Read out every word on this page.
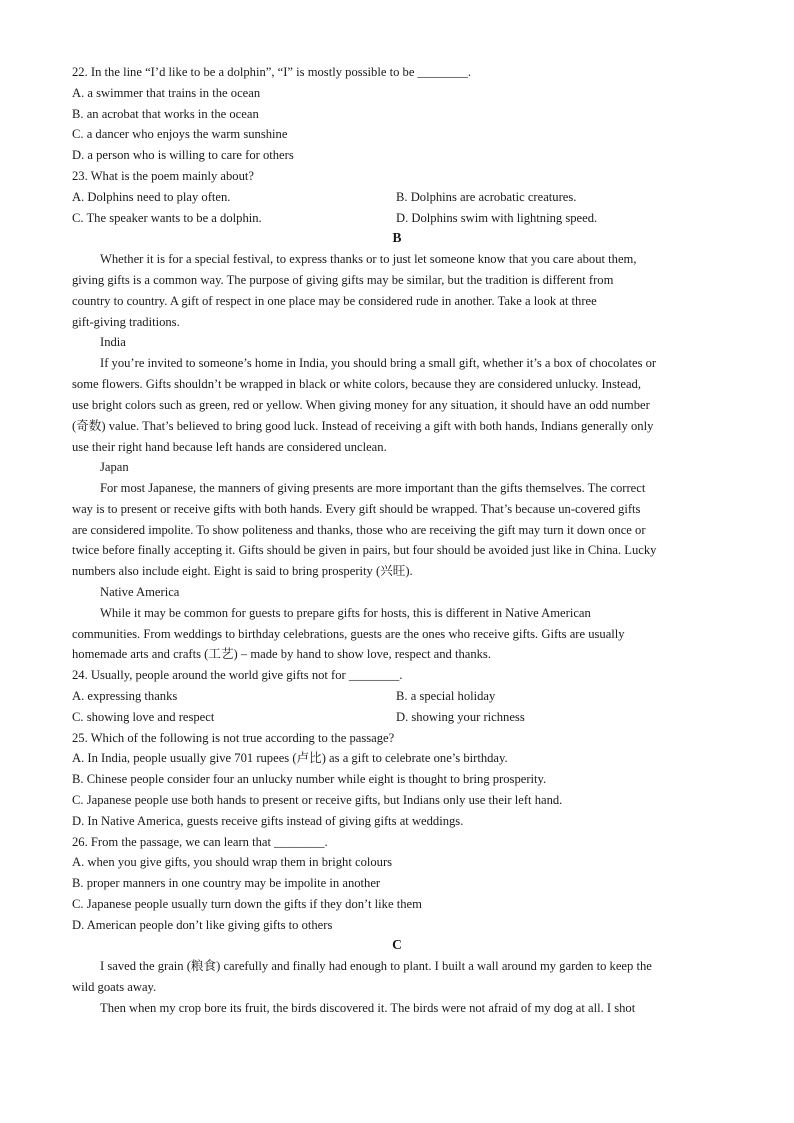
22. In the line “I’d like to be a dolphin”, “I” is mostly possible to be ________.
A. a swimmer that trains in the ocean
B. an acrobat that works in the ocean
C. a dancer who enjoys the warm sunshine
D. a person who is willing to care for others
23. What is the poem mainly about?
A. Dolphins need to play often.	B. Dolphins are acrobatic creatures.
C. The speaker wants to be a dolphin.	D. Dolphins swim with lightning speed.
B
Whether it is for a special festival, to express thanks or to just let someone know that you care about them,
giving gifts is a common way. The purpose of giving gifts may be similar, but the tradition is different from
country to country. A gift of respect in one place may be considered rude in another. Take a look at three
gift-giving traditions.
India
If you’re invited to someone’s home in India, you should bring a small gift, whether it’s a box of chocolates or
some flowers. Gifts shouldn’t be wrapped in black or white colors, because they are considered unlucky. Instead,
use bright colors such as green, red or yellow. When giving money for any situation, it should have an odd number
(奇数) value. That’s believed to bring good luck. Instead of receiving a gift with both hands, Indians generally only
use their right hand because left hands are considered unclean.
Japan
For most Japanese, the manners of giving presents are more important than the gifts themselves. The correct
way is to present or receive gifts with both hands. Every gift should be wrapped. That’s because un-covered gifts
are considered impolite. To show politeness and thanks, those who are receiving the gift may turn it down once or
twice before finally accepting it. Gifts should be given in pairs, but four should be avoided just like in China. Lucky
numbers also include eight. Eight is said to bring prosperity (兴旺).
Native America
While it may be common for guests to prepare gifts for hosts, this is different in Native American
communities. From weddings to birthday celebrations, guests are the ones who receive gifts. Gifts are usually
homemade arts and crafts (工艺) – made by hand to show love, respect and thanks.
24. Usually, people around the world give gifts not for ________.
A. expressing thanks	B. a special holiday
C. showing love and respect	D. showing your richness
25. Which of the following is not true according to the passage?
A. In India, people usually give 701 rupees (卢比) as a gift to celebrate one’s birthday.
B. Chinese people consider four an unlucky number while eight is thought to bring prosperity.
C. Japanese people use both hands to present or receive gifts, but Indians only use their left hand.
D. In Native America, guests receive gifts instead of giving gifts at weddings.
26. From the passage, we can learn that ________.
A. when you give gifts, you should wrap them in bright colours
B. proper manners in one country may be impolite in another
C. Japanese people usually turn down the gifts if they don’t like them
D. American people don’t like giving gifts to others
C
I saved the grain (粮食) carefully and finally had enough to plant. I built a wall around my garden to keep the
wild goats away.
Then when my crop bore its fruit, the birds discovered it. The birds were not afraid of my dog at all. I shot
